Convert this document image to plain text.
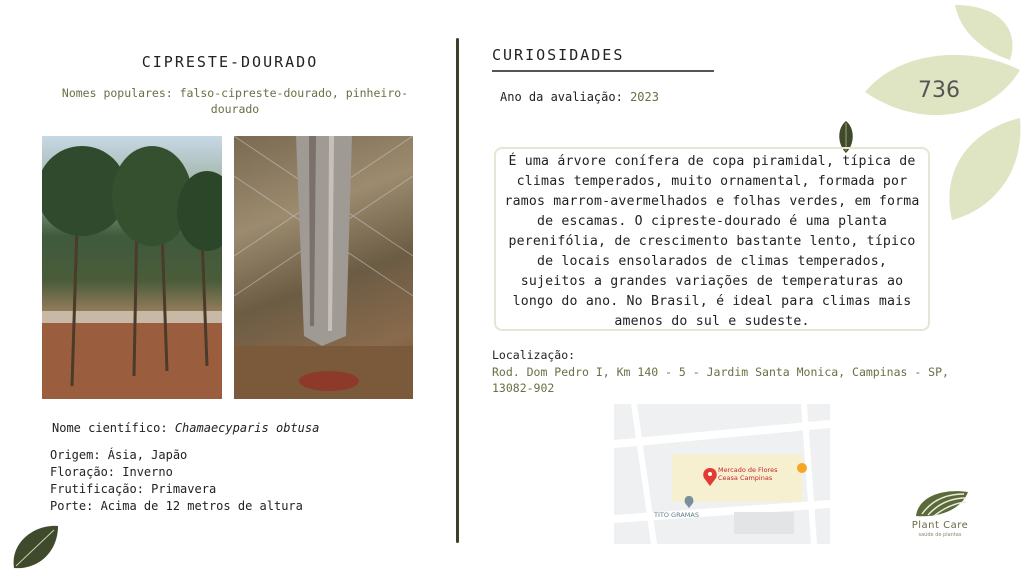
736
CIPRESTE-DOURADO
Nomes populares: falso-cipreste-dourado, pinheiro-dourado
Nome científico: Chamaecyparis obtusa
Origem: Ásia, Japão
Floração: Inverno
Frutificação: Primavera
Porte: Acima de 12 metros de altura
CURIOSIDADES
Ano da avaliação: 2023
É uma árvore conífera de copa piramidal, típica de climas temperados, muito ornamental, formada por ramos marrom-avermelhados e folhas verdes, em forma de escamas. O cipreste-dourado é uma planta perenifólia, de crescimento bastante lento, típico de locais ensolarados de climas temperados, sujeitos a grandes variações de temperaturas ao longo do ano. No Brasil, é ideal para climas mais amenos do sul e sudeste.
Localização:
Rod. Dom Pedro I, Km 140 - 5 - Jardim Santa Monica, Campinas - SP, 13082-902
Mercado de Flores
Ceasa Campinas
TITO GRAMAS
Plant Care
saúde de plantas
